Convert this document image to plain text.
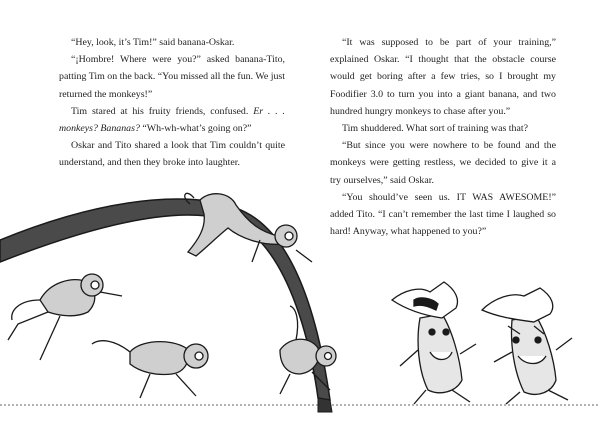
“Hey, look, it’s Tim!” said banana-Oskar.

“¡Hombre! Where were you?” asked banana-Tito, patting Tim on the back. “You missed all the fun. We just returned the monkeys!”

Tim stared at his fruity friends, confused. Er . . . monkeys? Bananas? “Wh-wh-what’s going on?”

Oskar and Tito shared a look that Tim couldn’t quite understand, and then they broke into laughter.

“It was supposed to be part of your training,” explained Oskar. “I thought that the obstacle course would get boring after a few tries, so I brought my Foodifier 3.0 to turn you into a giant banana, and two hundred hungry monkeys to chase after you.”

Tim shuddered. What sort of training was that?

“But since you were nowhere to be found and the monkeys were getting restless, we decided to give it a try ourselves,” said Oskar.

“You should’ve seen us. IT WAS AWESOME!” added Tito. “I can’t remember the last time I laughed so hard! Anyway, what happened to you?”
